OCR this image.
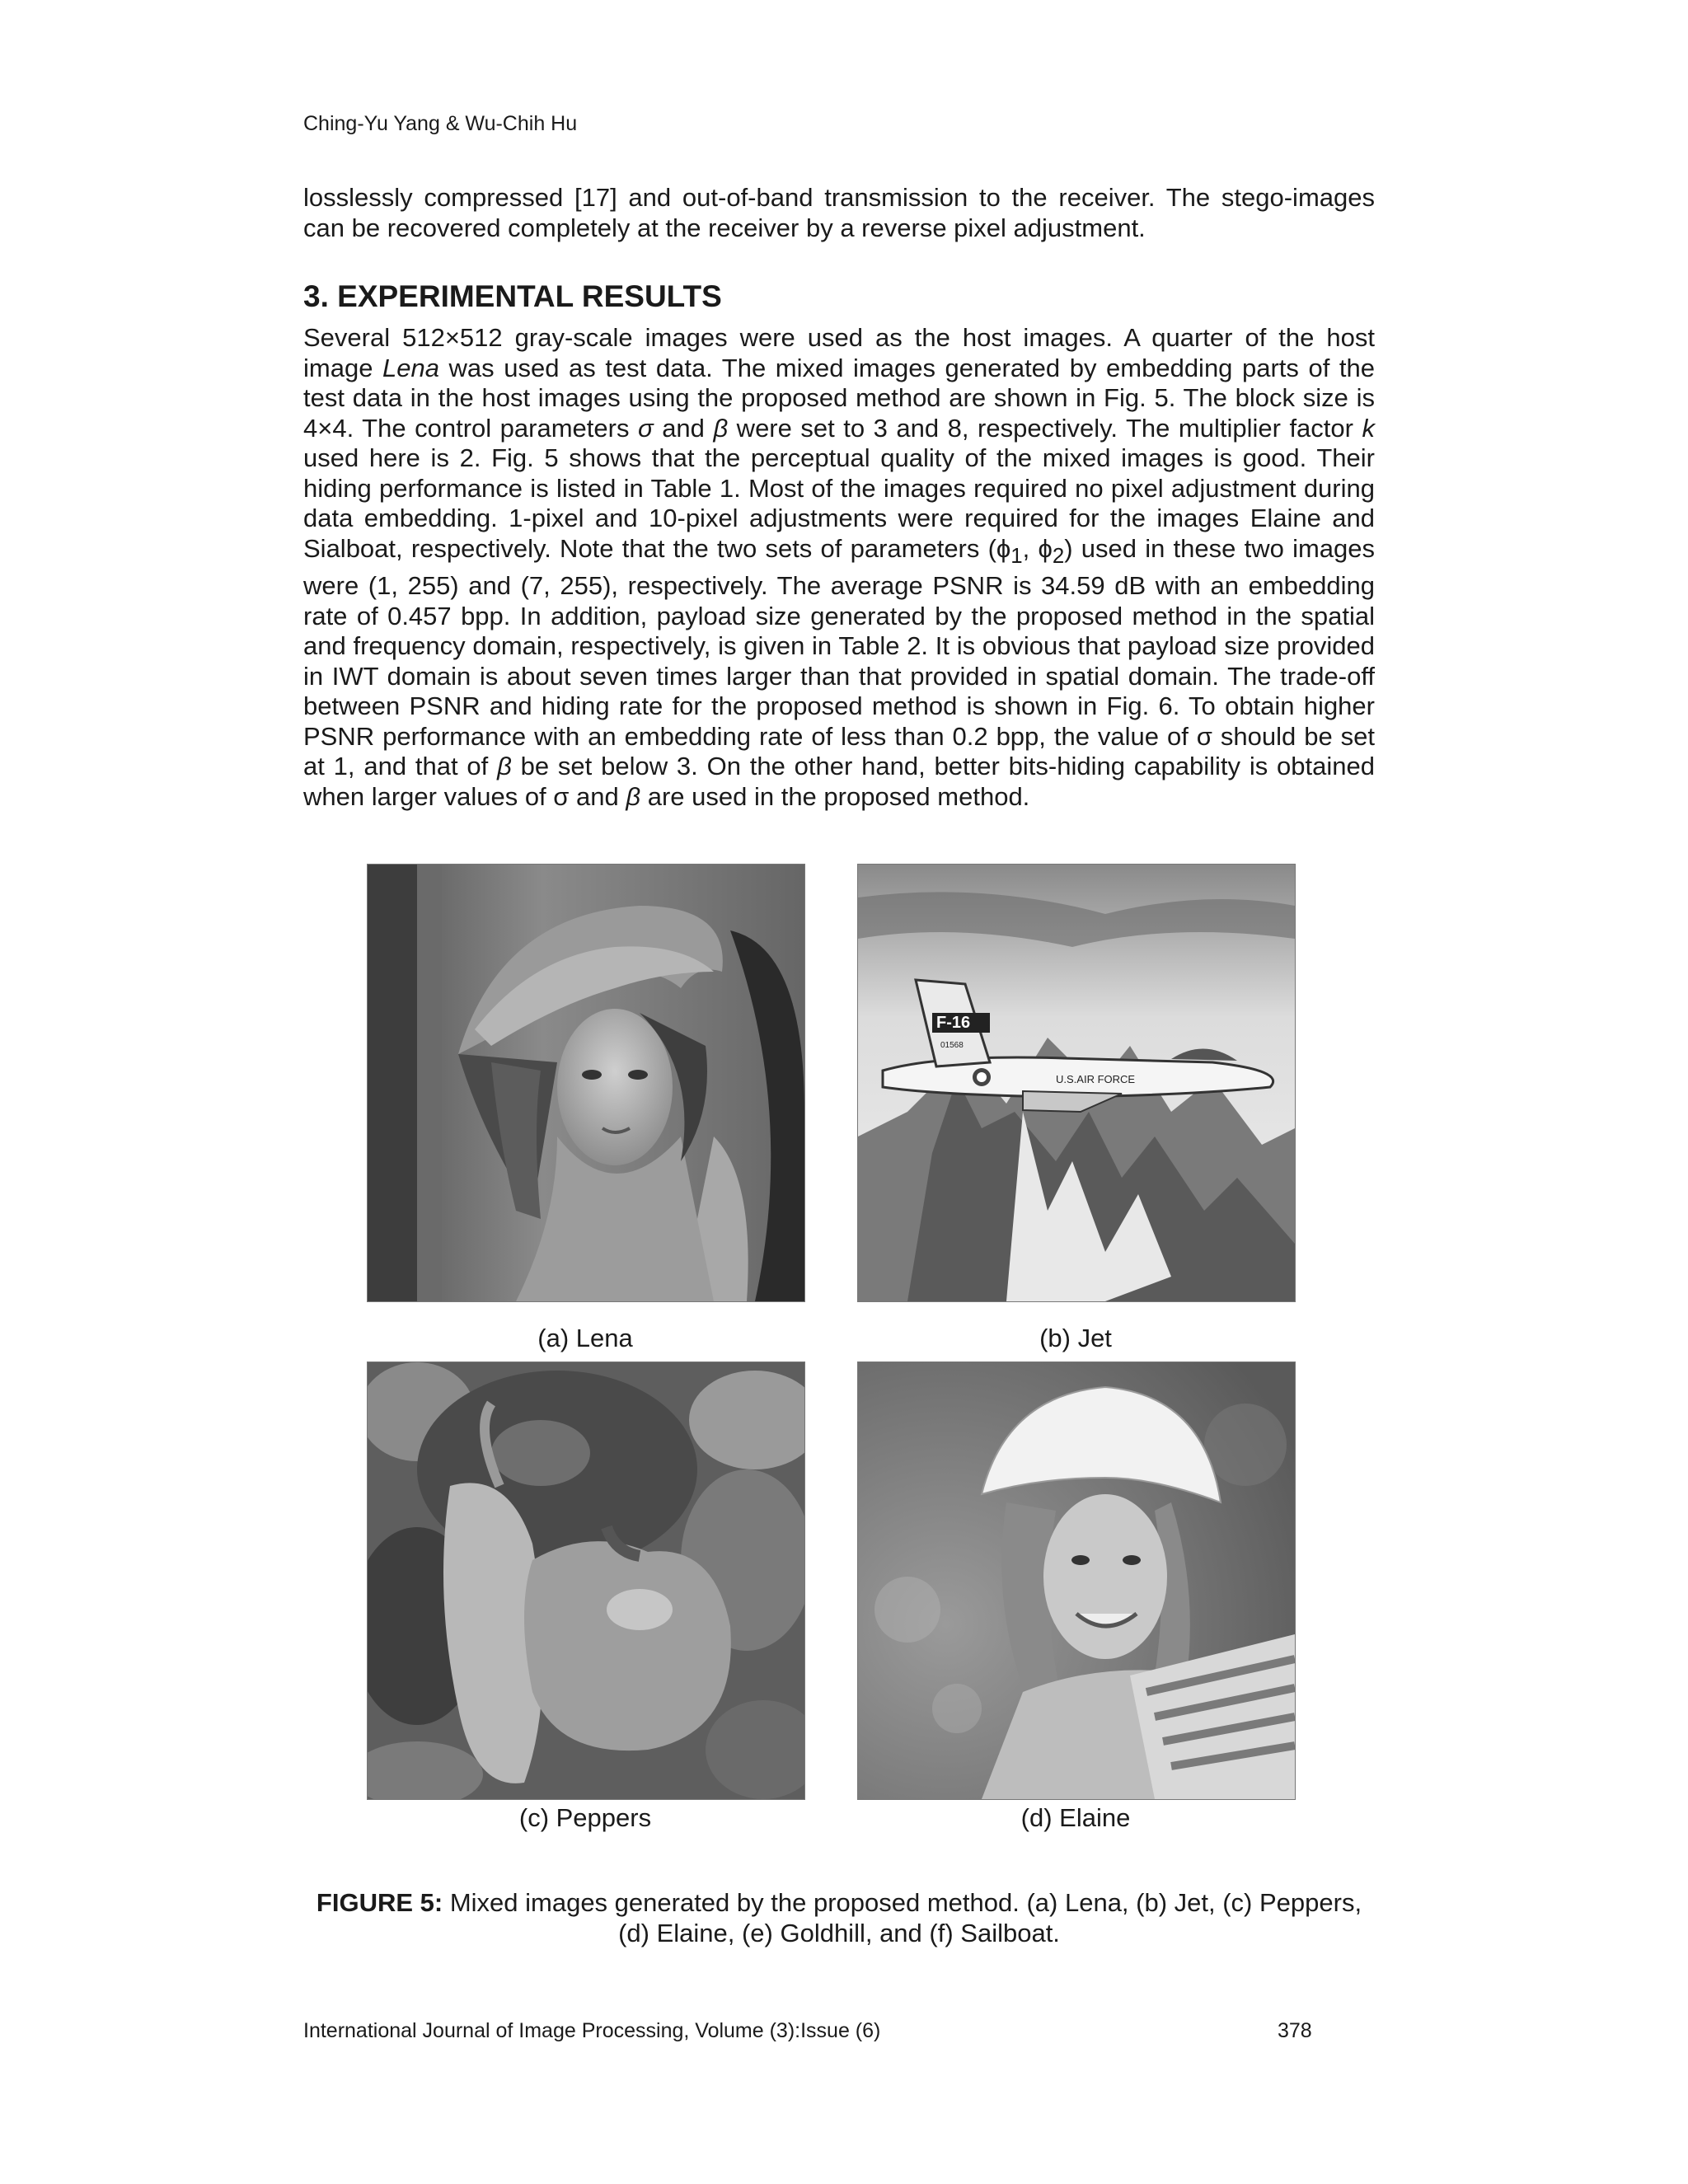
Ching-Yu Yang & Wu-Chih Hu

losslessly compressed [17] and out-of-band transmission to the receiver. The stego-images can be recovered completely at the receiver by a reverse pixel adjustment.

3. EXPERIMENTAL RESULTS

Several 512×512 gray-scale images were used as the host images. A quarter of the host image Lena was used as test data. The mixed images generated by embedding parts of the test data in the host images using the proposed method are shown in Fig. 5. The block size is 4×4. The control parameters σ and β were set to 3 and 8, respectively. The multiplier factor k used here is 2. Fig. 5 shows that the perceptual quality of the mixed images is good. Their hiding performance is listed in Table 1. Most of the images required no pixel adjustment during data embedding. 1-pixel and 10-pixel adjustments were required for the images Elaine and Sialboat, respectively. Note that the two sets of parameters ($\phi_1$, $\phi_2$) used in these two images were (1, 255) and (7, 255), respectively. The average PSNR is 34.59 dB with an embedding rate of 0.457 bpp. In addition, payload size generated by the proposed method in the spatial and frequency domain, respectively, is given in Table 2. It is obvious that payload size provided in IWT domain is about seven times larger than that provided in spatial domain. The trade-off between PSNR and hiding rate for the proposed method is shown in Fig. 6. To obtain higher PSNR performance with an embedding rate of less than 0.2 bpp, the value of σ should be set at 1, and that of β be set below 3. On the other hand, better bits-hiding capability is obtained when larger values of σ and β are used in the proposed method.

(a) Lena
F-16
01568
U.S.AIR FORCE
(b) Jet
(c) Peppers	(d) Elaine
FIGURE 5: Mixed images generated by the proposed method. (a) Lena, (b) Jet, (c) Peppers, (d) Elaine, (e) Goldhill, and (f) Sailboat.
International Journal of Image Processing, Volume (3):Issue (6)	378
